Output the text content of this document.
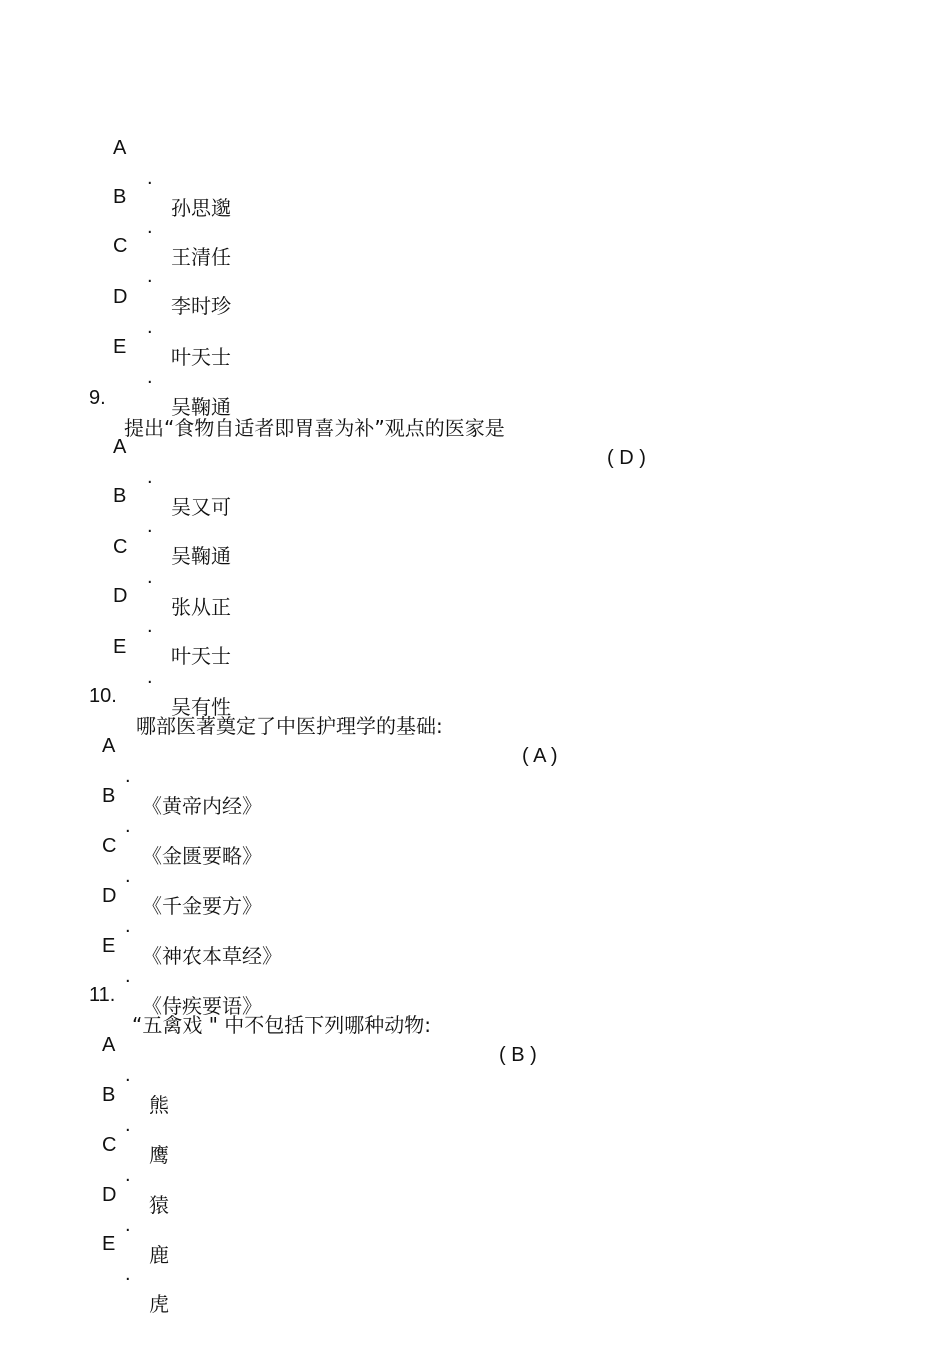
A

.

孙思邈

B

.

王清任

C

.

李时珍

D

.

叶天士

E

.

吴鞠通

9.

提出“食物自适者即胃喜为补”观点的医家是

( D )

A

.

吴又可

B

.

吴鞠通

C

.

张从正

D

.

叶天士

E

.

吴有性

10.

哪部医著奠定了中医护理学的基础:

( A )

A

.

《黄帝内经》

B

.

《金匮要略》

C

.

《千金要方》

D

.

《神农本草经》

E

.

《侍疾要语》

11.

“五禽戏 " 中不包括下列哪种动物:

( B )

A

.

熊

B

.

鹰

C

.

猿

D

.

鹿

E

.

虎
